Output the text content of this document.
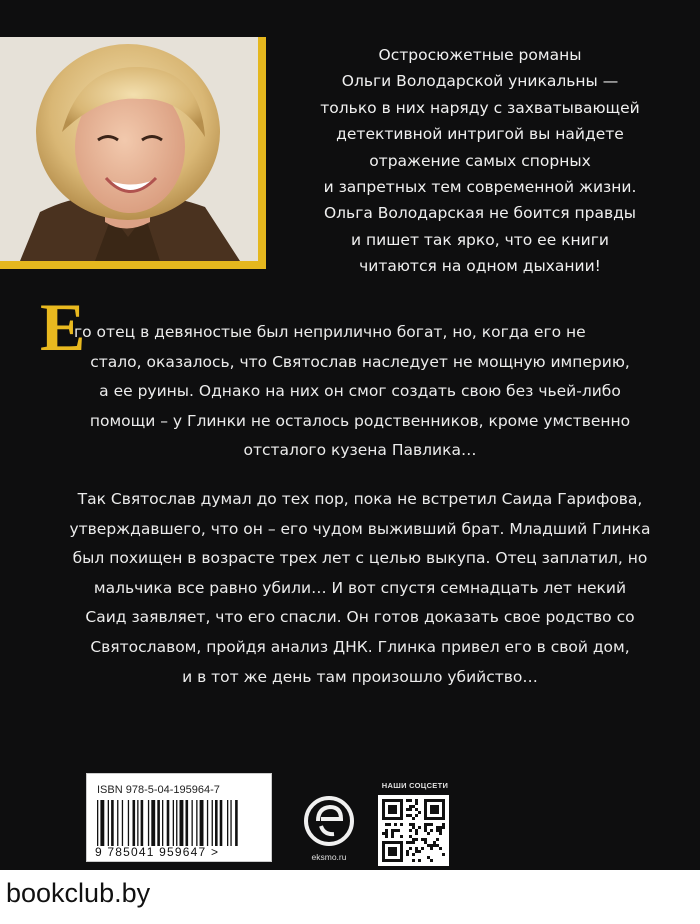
Остросюжетные романы
Ольги Володарской уникальны —
только в них наряду с захватывающей
детективной интригой вы найдете
отражение самых спорных
и запретных тем современной жизни.
Ольга Володарская не боится правды
и пишет так ярко, что ее книги
читаются на одном дыхании!
Е
го отец в девяностые был неприлично богат, но, когда его не
стало, оказалось, что Святослав наследует не мощную империю,
а ее руины. Однако на них он смог создать свою без чьей-либо
помощи – у Глинки не осталось родственников, кроме умственно
отсталого кузена Павлика…
Так Святослав думал до тех пор, пока не встретил Саида Гарифова,
утверждавшего, что он – его чудом выживший брат. Младший Глинка
был похищен в возрасте трех лет с целью выкупа. Отец заплатил, но
мальчика все равно убили… И вот спустя семнадцать лет некий
Саид заявляет, что его спасли. Он готов доказать свое родство со
Святославом, пройдя анализ ДНК. Глинка привел его в свой дом,
и в тот же день там произошло убийство…
ISBN 978-5-04-195964-7
9 785041 959647 >	eksmo.ru
НАШИ СОЦСЕТИ
bookclub.by
